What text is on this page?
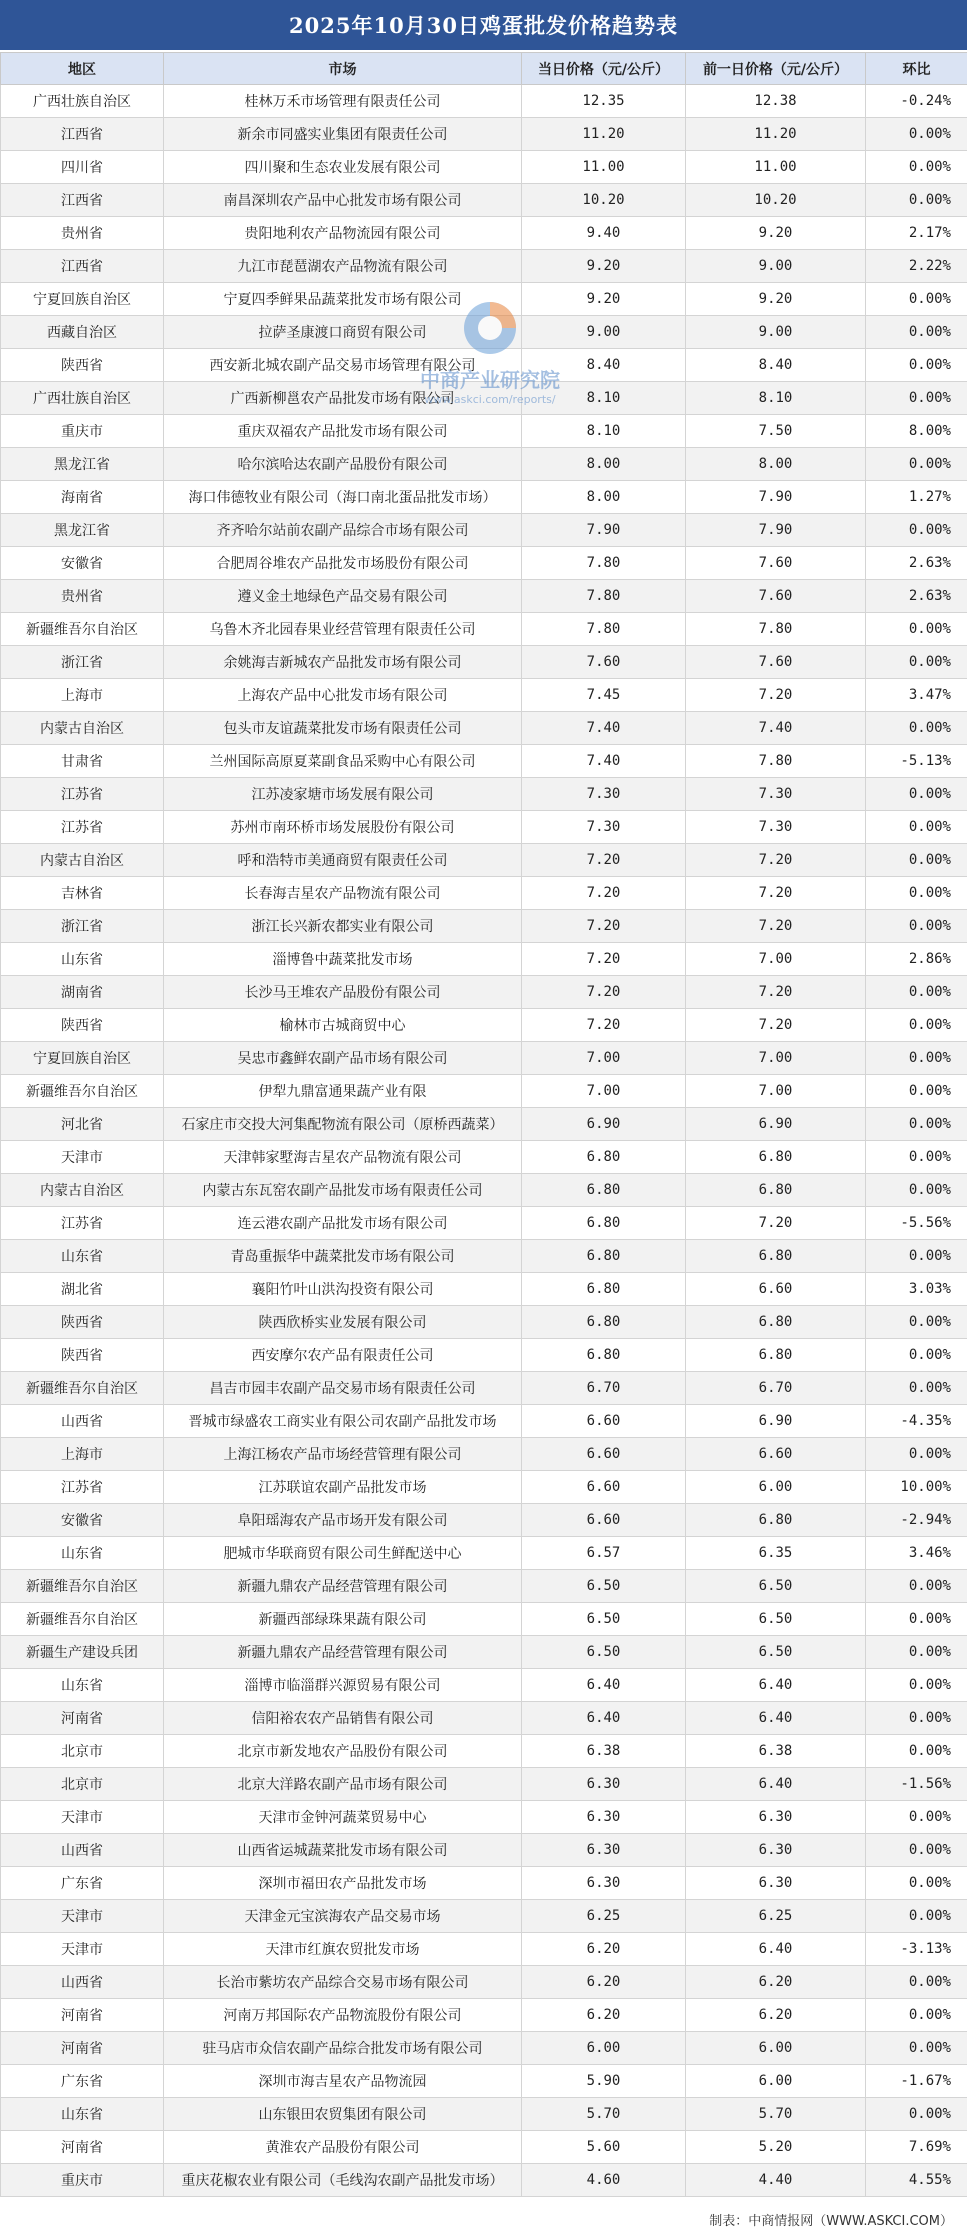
2025年10月30日鸡蛋批发价格趋势表
地区	市场	当日价格（元/公斤）	前一日价格（元/公斤）	环比
广西壮族自治区	桂林万禾市场管理有限责任公司	12.35	12.38	-0.24%
江西省	新余市同盛实业集团有限责任公司	11.20	11.20	0.00%
四川省	四川聚和生态农业发展有限公司	11.00	11.00	0.00%
江西省	南昌深圳农产品中心批发市场有限公司	10.20	10.20	0.00%
贵州省	贵阳地利农产品物流园有限公司	9.40	9.20	2.17%
江西省	九江市琵琶湖农产品物流有限公司	9.20	9.00	2.22%
宁夏回族自治区	宁夏四季鲜果品蔬菜批发市场有限公司	9.20	9.20	0.00%
西藏自治区	拉萨圣康渡口商贸有限公司	9.00	9.00	0.00%
陕西省	西安新北城农副产品交易市场管理有限公司	8.40	8.40	0.00%
广西壮族自治区	广西新柳邕农产品批发市场有限公司	8.10	8.10	0.00%
重庆市	重庆双福农产品批发市场有限公司	8.10	7.50	8.00%
黑龙江省	哈尔滨哈达农副产品股份有限公司	8.00	8.00	0.00%
海南省	海口伟德牧业有限公司（海口南北蛋品批发市场）	8.00	7.90	1.27%
黑龙江省	齐齐哈尔站前农副产品综合市场有限公司	7.90	7.90	0.00%
安徽省	合肥周谷堆农产品批发市场股份有限公司	7.80	7.60	2.63%
贵州省	遵义金土地绿色产品交易有限公司	7.80	7.60	2.63%
新疆维吾尔自治区	乌鲁木齐北园春果业经营管理有限责任公司	7.80	7.80	0.00%
浙江省	余姚海吉新城农产品批发市场有限公司	7.60	7.60	0.00%
上海市	上海农产品中心批发市场有限公司	7.45	7.20	3.47%
内蒙古自治区	包头市友谊蔬菜批发市场有限责任公司	7.40	7.40	0.00%
甘肃省	兰州国际高原夏菜副食品采购中心有限公司	7.40	7.80	-5.13%
江苏省	江苏凌家塘市场发展有限公司	7.30	7.30	0.00%
江苏省	苏州市南环桥市场发展股份有限公司	7.30	7.30	0.00%
内蒙古自治区	呼和浩特市美通商贸有限责任公司	7.20	7.20	0.00%
吉林省	长春海吉星农产品物流有限公司	7.20	7.20	0.00%
浙江省	浙江长兴新农都实业有限公司	7.20	7.20	0.00%
山东省	淄博鲁中蔬菜批发市场	7.20	7.00	2.86%
湖南省	长沙马王堆农产品股份有限公司	7.20	7.20	0.00%
陕西省	榆林市古城商贸中心	7.20	7.20	0.00%
宁夏回族自治区	吴忠市鑫鲜农副产品市场有限公司	7.00	7.00	0.00%
新疆维吾尔自治区	伊犁九鼎富通果蔬产业有限	7.00	7.00	0.00%
河北省	石家庄市交投大河集配物流有限公司（原桥西蔬菜）	6.90	6.90	0.00%
天津市	天津韩家墅海吉星农产品物流有限公司	6.80	6.80	0.00%
内蒙古自治区	内蒙古东瓦窑农副产品批发市场有限责任公司	6.80	6.80	0.00%
江苏省	连云港农副产品批发市场有限公司	6.80	7.20	-5.56%
山东省	青岛重振华中蔬菜批发市场有限公司	6.80	6.80	0.00%
湖北省	襄阳竹叶山洪沟投资有限公司	6.80	6.60	3.03%
陕西省	陕西欣桥实业发展有限公司	6.80	6.80	0.00%
陕西省	西安摩尔农产品有限责任公司	6.80	6.80	0.00%
新疆维吾尔自治区	昌吉市园丰农副产品交易市场有限责任公司	6.70	6.70	0.00%
山西省	晋城市绿盛农工商实业有限公司农副产品批发市场	6.60	6.90	-4.35%
上海市	上海江杨农产品市场经营管理有限公司	6.60	6.60	0.00%
江苏省	江苏联谊农副产品批发市场	6.60	6.00	10.00%
安徽省	阜阳瑶海农产品市场开发有限公司	6.60	6.80	-2.94%
山东省	肥城市华联商贸有限公司生鲜配送中心	6.57	6.35	3.46%
新疆维吾尔自治区	新疆九鼎农产品经营管理有限公司	6.50	6.50	0.00%
新疆维吾尔自治区	新疆西部绿珠果蔬有限公司	6.50	6.50	0.00%
新疆生产建设兵团	新疆九鼎农产品经营管理有限公司	6.50	6.50	0.00%
山东省	淄博市临淄群兴源贸易有限公司	6.40	6.40	0.00%
河南省	信阳裕农农产品销售有限公司	6.40	6.40	0.00%
北京市	北京市新发地农产品股份有限公司	6.38	6.38	0.00%
北京市	北京大洋路农副产品市场有限公司	6.30	6.40	-1.56%
天津市	天津市金钟河蔬菜贸易中心	6.30	6.30	0.00%
山西省	山西省运城蔬菜批发市场有限公司	6.30	6.30	0.00%
广东省	深圳市福田农产品批发市场	6.30	6.30	0.00%
天津市	天津金元宝滨海农产品交易市场	6.25	6.25	0.00%
天津市	天津市红旗农贸批发市场	6.20	6.40	-3.13%
山西省	长治市紫坊农产品综合交易市场有限公司	6.20	6.20	0.00%
河南省	河南万邦国际农产品物流股份有限公司	6.20	6.20	0.00%
河南省	驻马店市众信农副产品综合批发市场有限公司	6.00	6.00	0.00%
广东省	深圳市海吉星农产品物流园	5.90	6.00	-1.67%
山东省	山东银田农贸集团有限公司	5.70	5.70	0.00%
河南省	黄淮农产品股份有限公司	5.60	5.20	7.69%
重庆市	重庆花椒农业有限公司（毛线沟农副产品批发市场）	4.60	4.40	4.55%
中商产业研究院
www.askci.com/reports/
制表：中商情报网（WWW.ASKCI.COM）
